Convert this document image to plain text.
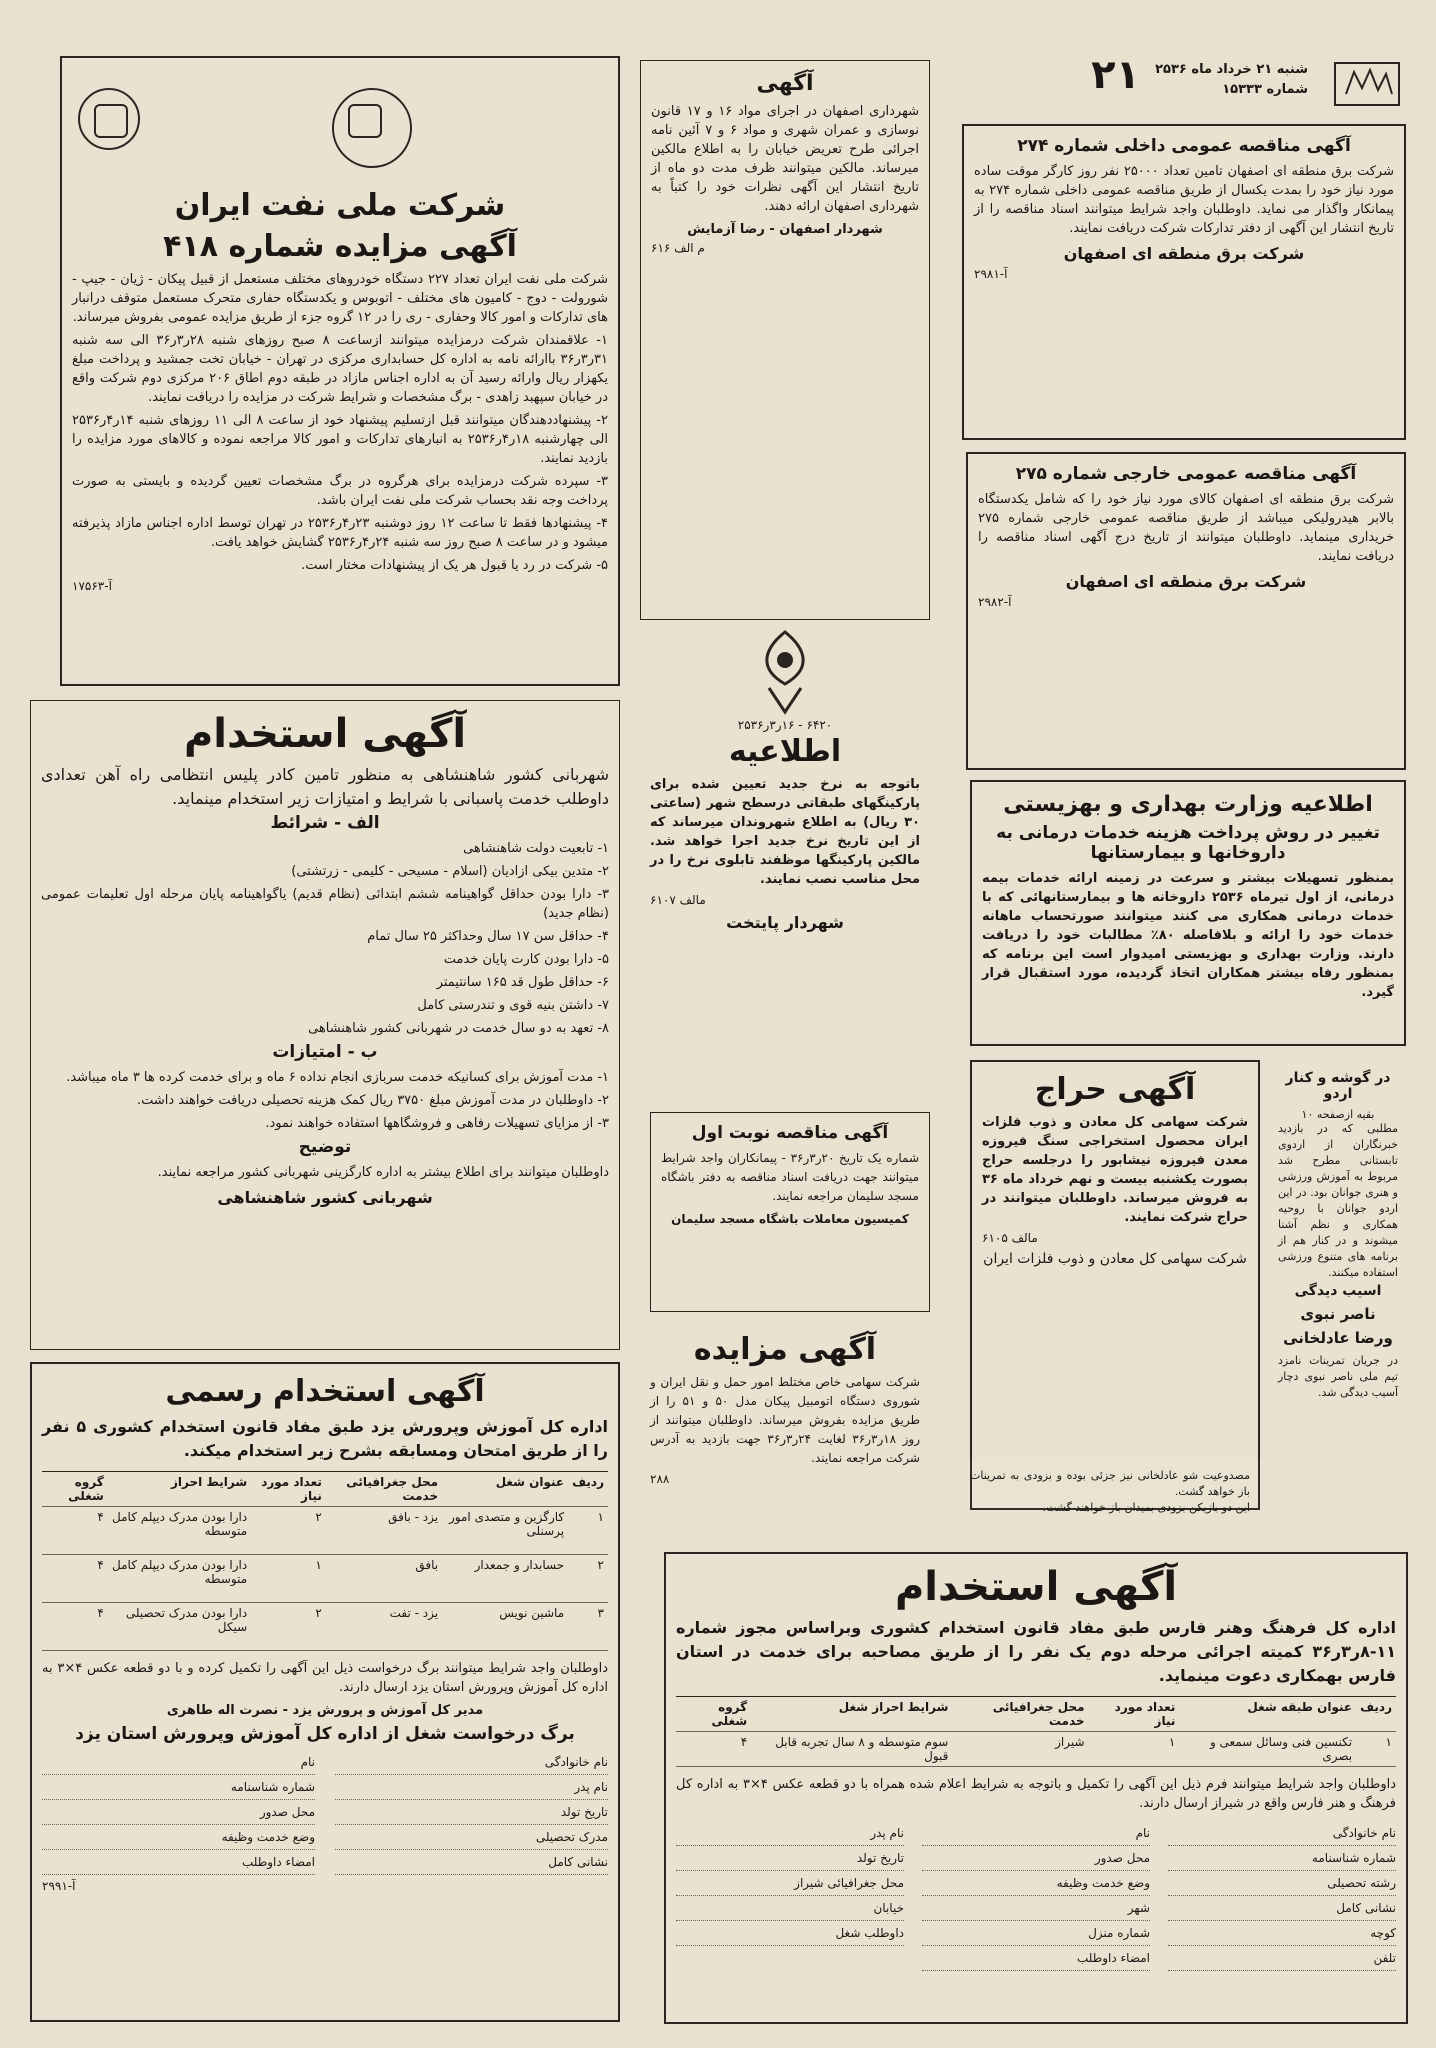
شنبه ۲۱ خرداد ماه ۲۵۳۶
شماره ۱۵۳۳۳
۲۱
شرکت ملی نفت ایران
آگهی مزایده شماره ۴۱۸

شرکت ملی نفت ایران تعداد ۲۲۷ دستگاه خودروهای مختلف مستعمل از قبیل پیکان - ژیان - جیپ - شورولت - دوج - کامیون های مختلف - اتوبوس و یکدستگاه حفاری متحرک مستعمل متوقف درانبار های تدارکات و امور کالا وحفاری - ری را در ۱۲ گروه جزء از طریق مزایده عمومی بفروش میرساند.

۱- علاقمندان شرکت درمزایده میتوانند ازساعت ۸ صبح روزهای شنبه ۲۸ر۳ر۳۶ الی سه شنبه ۳۱ر۳ر۳۶ باارائه نامه به اداره کل حسابداری مرکزی در تهران - خیابان تخت جمشید و پرداخت مبلغ یکهزار ریال وارائه رسید آن به اداره اجناس مازاد در طبقه دوم اطاق ۲۰۶ مرکزی دوم شرکت واقع در خیابان سپهبد زاهدی - برگ مشخصات و شرایط شرکت در مزایده را دریافت نمایند.

۲- پیشنهاددهندگان میتوانند قبل ازتسلیم پیشنهاد خود از ساعت ۸ الی ۱۱ روزهای شنبه ۱۴ر۴ر۲۵۳۶ الی چهارشنبه ۱۸ر۴ر۲۵۳۶ به انبارهای تدارکات و امور کالا مراجعه نموده و کالاهای مورد مزایده را بازدید نمایند.

۳- سپرده شرکت درمزایده برای هرگروه در برگ مشخصات تعیین گردیده و بایستی به صورت پرداخت وجه نقد بحساب شرکت ملی نفت ایران باشد.

۴- پیشنهادها فقط تا ساعت ۱۲ روز دوشنبه ۲۳ر۴ر۲۵۳۶ در تهران توسط اداره اجناس مازاد پذیرفته میشود و در ساعت ۸ صبح روز سه شنبه ۲۴ر۴ر۲۵۳۶ گشایش خواهد یافت.

۵- شرکت در رد یا قبول هر یک از پیشنهادات مختار است.

آ-۱۷۵۶۳
آگهی استخدام
شهربانی کشور شاهنشاهی به منظور تامین کادر پلیس انتظامی راه آهن تعدادی داوطلب خدمت پاسبانی با شرایط و امتیازات زیر استخدام مینماید.
الف - شرائط

۱- تابعیت دولت شاهنشاهی

۲- متدین بیکی ازادیان (اسلام - مسیحی - کلیمی - زرتشتی)

۳- دارا بودن حداقل گواهینامه ششم ابتدائی (نظام قدیم) یاگواهینامه پایان مرحله اول تعلیمات عمومی (نظام جدید)

۴- حداقل سن ۱۷ سال وحداکثر ۲۵ سال تمام

۵- دارا بودن کارت پایان خدمت

۶- حداقل طول قد ۱۶۵ سانتیمتر

۷- داشتن بنیه قوی و تندرستی کامل

۸- تعهد به دو سال خدمت در شهربانی کشور شاهنشاهی

ب - امتیازات

۱- مدت آموزش برای کسانیکه خدمت سربازی انجام نداده ۶ ماه و برای خدمت کرده ها ۳ ماه میباشد.

۲- داوطلبان در مدت آموزش مبلغ ۳۷۵۰ ریال کمک هزینه تحصیلی دریافت خواهند داشت.

۳- از مزایای تسهیلات رفاهی و فروشگاهها استفاده خواهند نمود.

توضیح
داوطلبان میتوانند برای اطلاع بیشتر به اداره کارگزینی شهربانی کشور مراجعه نمایند.
شهربانی کشور شاهنشاهی
آگهی استخدام رسمی
اداره کل آموزش وپرورش یزد طبق مفاد قانون استخدام کشوری ۵ نفر را از طریق امتحان ومسابقه بشرح زیر استخدام میکند.
ردیف	عنوان شغل	محل جغرافیائی خدمت	تعداد مورد نیاز	شرایط احراز	گروه شغلی
۱	کارگزین و متصدی امور پرسنلی	یزد - بافق	۲	دارا بودن مدرک دیپلم کامل متوسطه	۴
۲	حسابدار و جمعدار	بافق	۱	دارا بودن مدرک دیپلم کامل متوسطه	۴
۳	ماشین نویس	یزد - تفت	۲	دارا بودن مدرک تحصیلی سیکل	۴
داوطلبان واجد شرایط میتوانند برگ درخواست ذیل این آگهی را تکمیل کرده و با دو قطعه عکس ۴×۳ به اداره کل آموزش وپرورش استان یزد ارسال دارند.
مدیر کل آموزش و پرورش یزد - نصرت اله طاهری
برگ درخواست شغل از اداره کل آموزش وپرورش استان یزد
نام خانوادگی
نام
نام پدر
شماره شناسنامه
تاریخ تولد
محل صدور
مدرک تحصیلی
وضع خدمت وظیفه
نشانی کامل
امضاء داوطلب
آ-۲۹۹۱
آگهی
شهرداری اصفهان در اجرای مواد ۱۶ و ۱۷ قانون نوسازی و عمران شهری و مواد ۶ و ۷ آئین نامه اجرائی طرح تعریض خیابان را به اطلاع مالکین میرساند. مالکین میتوانند ظرف مدت دو ماه از تاریخ انتشار این آگهی نظرات خود را کتباً به شهرداری اصفهان ارائه دهند.
شهردار اصفهان - رضا آزمایش
م الف ۶۱۶
۶۴۲۰ - ۱۶ر۳ر۲۵۳۶
اطلاعیه
باتوجه به نرخ جدید تعیین شده برای پارکینگهای طبقاتی درسطح شهر (ساعتی ۳۰ ریال) به اطلاع شهروندان میرساند که از این تاریخ نرخ جدید اجرا خواهد شد. مالکین پارکینگها موظفند تابلوی نرخ را در محل مناسب نصب نمایند.
مالف ۶۱۰۷
شهردار پایتخت
آگهی مناقصه نوبت اول
شماره یک تاریخ ۲۰ر۳ر۳۶ - پیمانکاران واجد شرایط میتوانند جهت دریافت اسناد مناقصه به دفتر باشگاه مسجد سلیمان مراجعه نمایند.
کمیسیون معاملات باشگاه مسجد سلیمان
آگهی مزایده
شرکت سهامی خاص مختلط امور حمل و نقل ایران و شوروی دستگاه اتومبیل پیکان مدل ۵۰ و ۵۱ را از طریق مزایده بفروش میرساند. داوطلبان میتوانند از روز ۱۸ر۳ر۳۶ لغایت ۲۴ر۳ر۳۶ جهت بازدید به آدرس شرکت مراجعه نمایند.
۲۸۸
آگهی مناقصه عمومی داخلی شماره ۲۷۴
شرکت برق منطقه ای اصفهان تامین تعداد ۲۵۰۰۰ نفر روز کارگر موقت ساده مورد نیاز خود را بمدت یکسال از طریق مناقصه عمومی داخلی شماره ۲۷۴ به پیمانکار واگذار می نماید. داوطلبان واجد شرایط میتوانند اسناد مناقصه را از تاریخ انتشار این آگهی از دفتر تدارکات شرکت دریافت نمایند.
شرکت برق منطقه ای اصفهان
آ-۲۹۸۱
آگهی مناقصه عمومی خارجی شماره ۲۷۵
شرکت برق منطقه ای اصفهان کالای مورد نیاز خود را که شامل یکدستگاه بالابر هیدرولیکی میباشد از طریق مناقصه عمومی خارجی شماره ۲۷۵ خریداری مینماید. داوطلبان میتوانند از تاریخ درج آگهی اسناد مناقصه را دریافت نمایند.
شرکت برق منطقه ای اصفهان
آ-۲۹۸۲
اطلاعیه وزارت بهداری و بهزیستی
تغییر در روش پرداخت هزینه خدمات درمانی به داروخانها و بیمارستانها
بمنظور تسهیلات بیشتر و سرعت در زمینه ارائه خدمات بیمه درمانی، از اول تیرماه ۲۵۳۶ داروخانه ها و بیمارستانهائی که با خدمات درمانی همکاری می کنند میتوانند صورتحساب ماهانه خدمات خود را ارائه و بلافاصله ۸۰٪ مطالبات خود را دریافت دارند. وزارت بهداری و بهزیستی امیدوار است این برنامه که بمنظور رفاه بیشتر همکاران اتخاذ گردیده، مورد استقبال قرار گیرد.
آگهی حراج
شرکت سهامی کل معادن و ذوب فلزات ایران محصول استخراجی سنگ فیروزه معدن فیروزه نیشابور را درجلسه حراج بصورت یکشنبه بیست و نهم خرداد ماه ۳۶ به فروش میرساند. داوطلبان میتوانند در حراج شرکت نمایند.
مالف ۶۱۰۵
شرکت سهامی کل معادن و ذوب فلزات ایران
در گوشه و کنار اردو
بقیه ازصفحه ۱۰
مطلبی که در بازدید خبرنگاران از اردوی تابستانی مطرح شد مربوط به آموزش ورزشی و هنری جوانان بود. در این اردو جوانان با روحیه همکاری و نظم آشنا میشوند و در کنار هم از برنامه های متنوع ورزشی استفاده میکنند.
اسیب دیدگی
ناصر نبوی
ورضا عادلخانی
در جریان تمرینات نامزد تیم ملی ناصر نبوی دچار آسیب دیدگی شد.
مصدوعیت شو عادلخانی نیز جزئی بوده و بزودی به تمرینات باز خواهد گشت.
این دو بازیکن بزودی بمیدان باز خواهند گشت.
آگهی استخدام
اداره کل فرهنگ وهنر فارس طبق مفاد قانون استخدام کشوری وبراساس مجوز شماره ۱۱-۸ر۳ر۳۶ کمیته اجرائی مرحله دوم یک نفر را از طریق مصاحبه برای خدمت در استان فارس بهمکاری دعوت مینماید.
ردیف	عنوان طبقه شغل	تعداد مورد نیاز	محل جغرافیائی خدمت	شرایط احراز شغل	گروه شغلی
۱	تکنسین فنی وسائل سمعی و بصری	۱	شیراز	سوم متوسطه و ۸ سال تجربه قابل قبول	۴
داوطلبان واجد شرایط میتوانند فرم ذیل این آگهی را تکمیل و باتوجه به شرایط اعلام شده همراه با دو قطعه عکس ۴×۳ به اداره کل فرهنگ و هنر فارس واقع در شیراز ارسال دارند.
نام خانوادگی
نام
نام پدر
شماره شناسنامه
محل صدور
تاریخ تولد
رشته تحصیلی
وضع خدمت وظیفه
محل جغرافیائی شیراز
نشانی کامل
شهر
خیابان
کوچه
شماره منزل
داوطلب شغل
تلفن
امضاء داوطلب
